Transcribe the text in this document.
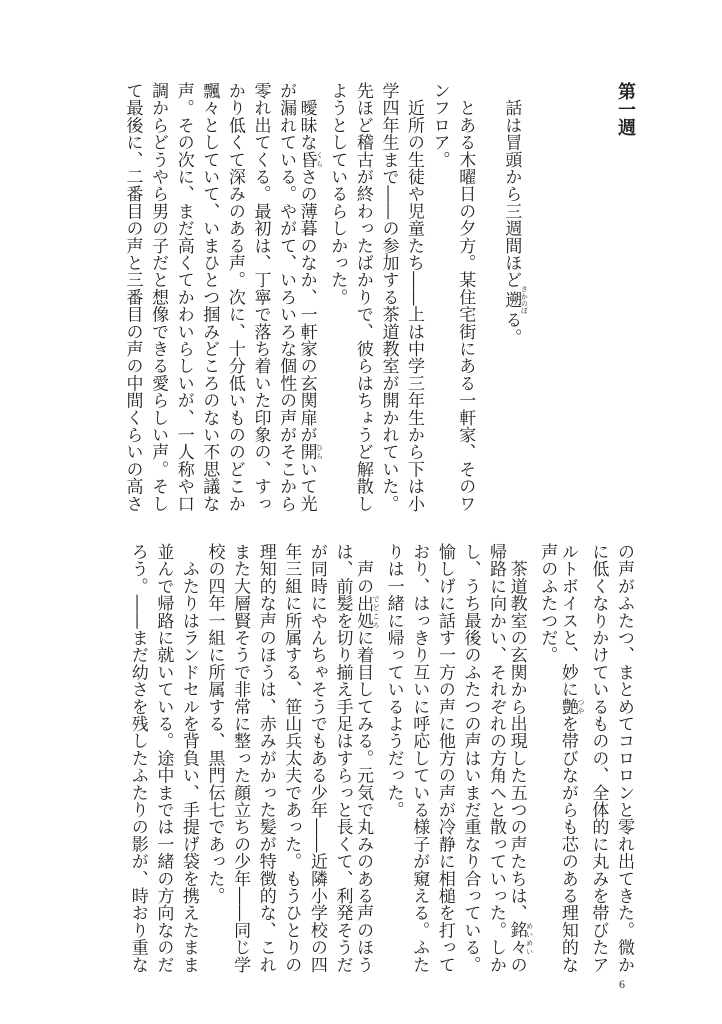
第一週
　話は冒頭から三週間ほど遡 さかのぼる。
　とある木曜日の夕方。某住宅街にある一軒家、そのワ
ンフロア。
　近所の生徒や児童たち――上は中学三年生から下は小
学四年生まで――の参加する茶道教室が開かれていた。
先ほど稽古が終わったばかりで、彼らはちょうど解散し
ようとしているらしかった。
　曖昧な昏 くらさの薄暮のなか、一軒家の玄関扉が開 ひらいて光
が漏れている。やがて、いろいろな個性の声がそこから
零れ出てくる。最初は、丁寧で落ち着いた印象の、すっ
かり低くて深みのある声。次に、十分低いもののどこか
飄々としていて、いまひとつ掴みどころのない不思議な
声。その次に、まだ高くてかわいらしいが、一人称や口
調からどうやら男の子だと想像できる愛らしい声。そし
て最後に、二番目の声と三番目の声の中間くらいの高さ
の声がふたつ、まとめてコロロンと零れ出てきた。微か
に低くなりかけているものの、全体的に丸みを帯びたア
ルトボイスと、妙に艶 つやを帯びながらも芯のある理知的な
声のふたつだ。
　茶道教室の玄関から出現した五つの声たちは、銘々 めいめいの
帰路に向かい、それぞれの方角へと散っていった。しか
し、うち最後のふたつの声はいまだ重なり合っている。
愉しげに話す一方の声に他方の声が冷静に相槌を打って
おり、はっきり互いに呼応している様子が窺える。ふた
りは一緒に帰っているようだった。
　声の出処 でどころに着目してみる。元気で丸みのある声のほう
は、前髪を切り揃え手足はすらっと長くて、利発そうだ
が同時にやんちゃそうでもある少年――近隣小学校の四
年三組に所属する、笹山兵太夫であった。もうひとりの
理知的な声のほうは、赤みがかった髪が特徴的な、これ
また大層賢そうで非常に整った顔立ちの少年――同じ学
校の四年一組に所属する、黒門伝七であった。
　ふたりはランドセルを背負い、手提げ袋を携えたまま
並んで帰路に就いている。途中までは一緒の方向なのだ
ろう。――まだ幼さを残したふたりの影が、時おり重な
6
